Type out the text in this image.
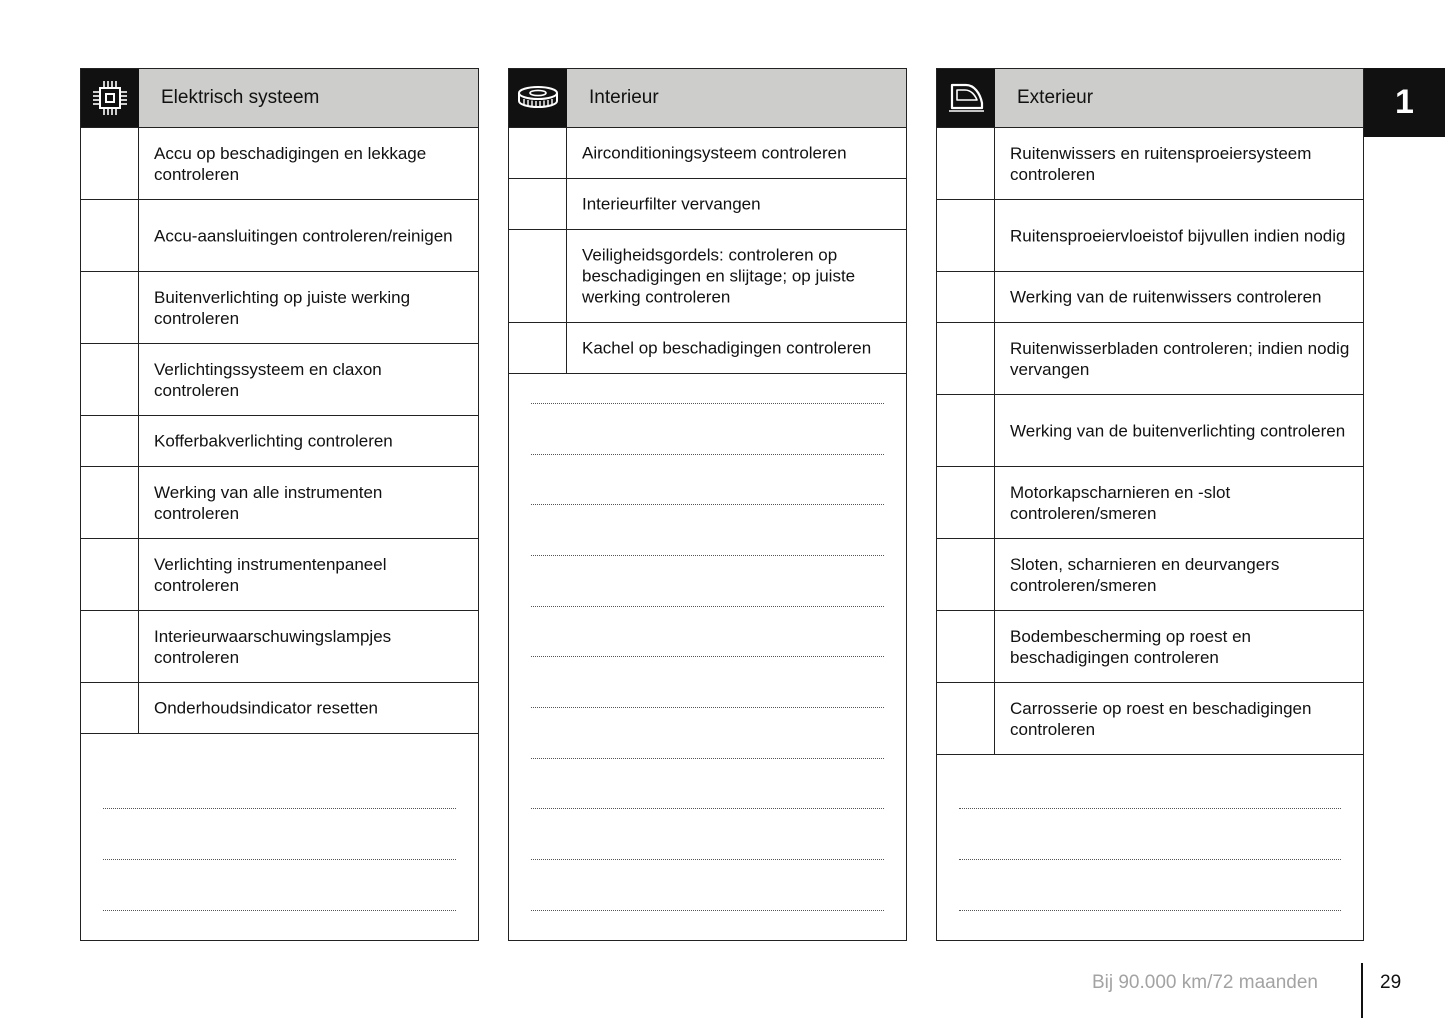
Elektrisch systeem
Accu op beschadigingen en lekkage controleren
Accu-aansluitingen controleren/reinigen
Buitenverlichting op juiste werking controleren
Verlichtingssysteem en claxon controleren
Kofferbakverlichting controleren
Werking van alle instrumenten controleren
Verlichting instrumentenpaneel controleren
Interieurwaarschuwingslampjes controleren
Onderhoudsindicator resetten
Interieur
Airconditioningsysteem controleren
Interieurfilter vervangen
Veiligheidsgordels: controleren op beschadigingen en slijtage; op juiste werking controleren
Kachel op beschadigingen controleren
Exterieur
Ruitenwissers en ruitensproeiersysteem controleren
Ruitensproeiervloeistof bijvullen indien nodig
Werking van de ruitenwissers controleren
Ruitenwisserbladen controleren; indien nodig vervangen
Werking van de buitenverlichting controleren
Motorkapscharnieren en -slot controleren/smeren
Sloten, scharnieren en deurvangers controleren/smeren
Bodembescherming op roest en beschadigingen controleren
Carrosserie op roest en beschadigingen controleren
1
Bij 90.000 km/72 maanden	29
